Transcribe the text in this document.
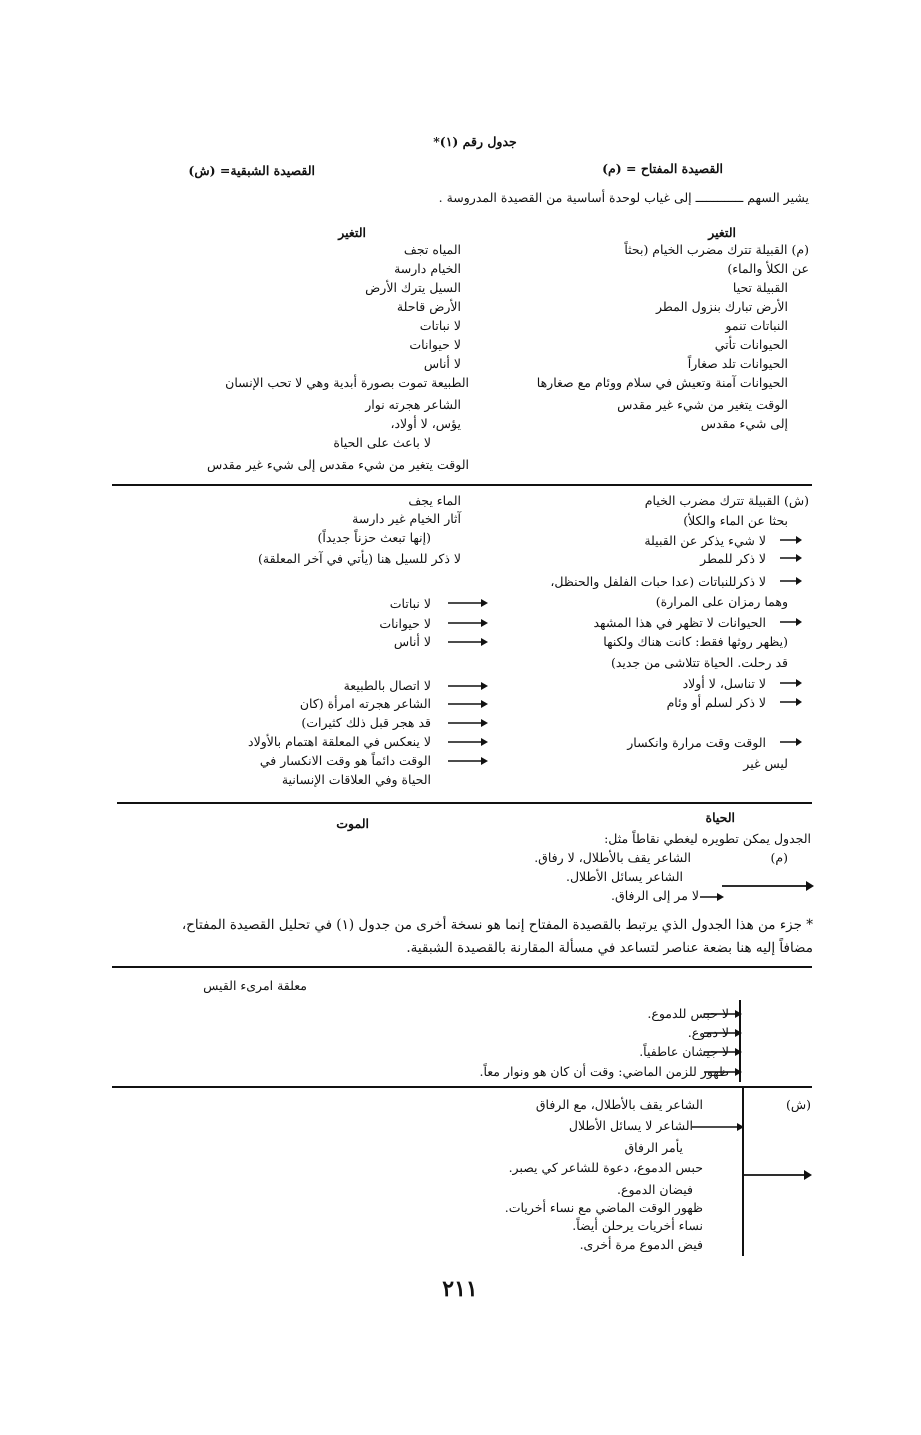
جدول رقم (١)*
القصيدة المفتاح = (م)
القصيدة الشبقية= (ش)
يشير السهم ـــــــــــــ إلى غياب لوحدة أساسية من القصيدة المدروسة .
التغير
التغير
(م) القبيلة تترك مضرب الخيام (بحثاً
عن الكلأ والماء)
القبيلة تحيا
الأرض تبارك بنزول المطر
النباتات تنمو
الحيوانات تأتي
الحيوانات تلد صغاراً
الحيوانات آمنة وتعيش في سلام ووئام مع صغارها
الوقت يتغير من شيء غير مقدس
إلى شيء مقدس
المياه تجف
الخيام دارسة
السيل يترك الأرض
الأرض قاحلة
لا نباتات
لا حيوانات
لا أناس
الطبيعة تموت بصورة أبدية وهي لا تحب الإنسان
الشاعر هجرته نوار
يؤس، لا أولاد،
لا باعث على الحياة
الوقت يتغير من شيء مقدس إلى شيء غير مقدس
(ش) القبيلة تترك مضرب الخيام
بحثا عن الماء والكلأ)
لا شيء يذكر عن القبيلة
لا ذكر للمطر
لا ذكرللنباتات (عدا حبات الفلفل والحنظل،
وهما رمزان على المرارة)
الحيوانات لا تظهر في هذا المشهد
(يظهر روثها فقط: كانت هناك ولكنها
قد رحلت. الحياة تتلاشى من جديد)
لا تناسل، لا أولاد
لا ذكر لسلم أو وئام
الوقت وقت مرارة وانكسار
ليس غير
الماء يجف
آثار الخيام غير دارسة
(إنها تبعث حزناً جديداً)
لا ذكر للسيل هنا (يأتي في آخر المعلقة)
لا نباتات
لا حيوانات
لا أناس
لا اتصال بالطبيعة
الشاعر هجرته امرأة (كان
قد هجر قبل ذلك كثيرات)
لا ينعكس في المعلقة اهتمام بالأولاد
الوقت دائماً هو وقت الانكسار في
الحياة وفي العلاقات الإنسانية
الحياة
الموت
الجدول يمكن تطويره ليغطي نقاطاً مثل:
(م)
الشاعر يقف بالأطلال، لا رفاق.
الشاعر يسائل الأطلال.
لا مر إلى الرفاق.
* جزء من هذا الجدول الذي يرتبط بالقصيدة المفتاح إنما هو نسخة أخرى من جدول (١) في تحليل القصيدة المفتاح،
مضافاً إليه هنا بضعة عناصر لتساعد في مسألة المقارنة بالقصيدة الشبقية.
معلقة امرىء القيس
لا حبس للدموع.
لا دموع.
لا جيشان عاطفياً.
ظهور للزمن الماضي: وقت أن كان هو ونوار معاً.
(ش)
الشاعر يقف بالأطلال، مع الرفاق
الشاعر لا يسائل الأطلال
يأمر الرفاق
حبس الدموع، دعوة للشاعر كي يصبر.
فيضان الدموع.
ظهور الوقت الماضي مع نساء أخريات.
نساء أخريات يرحلن أيضاً.
فيض الدموع مرة أخرى.
٢١١
